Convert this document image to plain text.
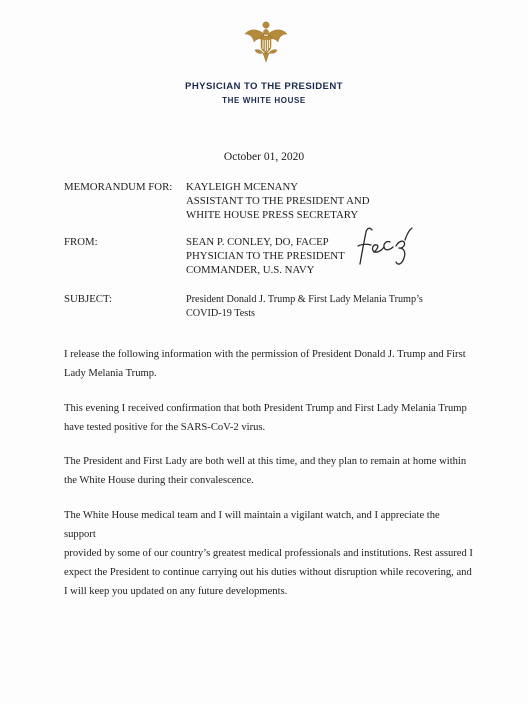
PHYSICIAN TO THE PRESIDENT
THE WHITE HOUSE
October 01, 2020
MEMORANDUM FOR: KAYLEIGH MCENANY
ASSISTANT TO THE PRESIDENT AND
WHITE HOUSE PRESS SECRETARY
FROM:	SEAN P. CONLEY, DO, FACEP
PHYSICIAN TO THE PRESIDENT
COMMANDER, U.S. NAVY
SUBJECT:	President Donald J. Trump & First Lady Melania Trump’s
COVID-19 Tests
I release the following information with the permission of President Donald J. Trump and First
Lady Melania Trump.
This evening I received confirmation that both President Trump and First Lady Melania Trump
have tested positive for the SARS-CoV-2 virus.
The President and First Lady are both well at this time, and they plan to remain at home within
the White House during their convalescence.
The White House medical team and I will maintain a vigilant watch, and I appreciate the support
provided by some of our country’s greatest medical professionals and institutions. Rest assured I
expect the President to continue carrying out his duties without disruption while recovering, and
I will keep you updated on any future developments.
